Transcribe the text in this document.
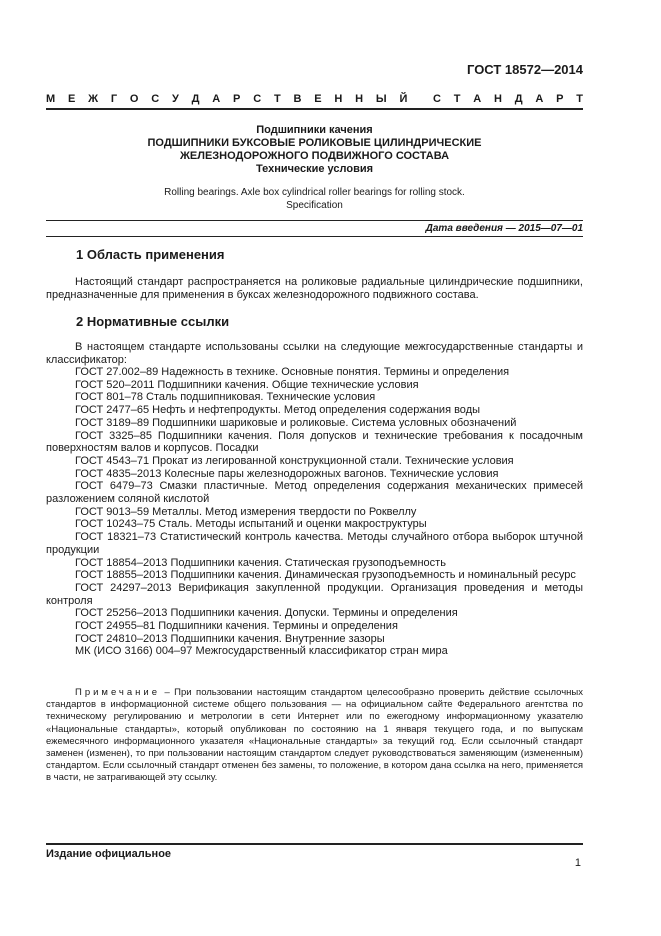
ГОСТ 18572—2014
М Е Ж Г О С У Д А Р С Т В Е Н Н Ы Й С Т А Н Д А Р Т
Подшипники качения
ПОДШИПНИКИ БУКСОВЫЕ РОЛИКОВЫЕ ЦИЛИНДРИЧЕСКИЕ
ЖЕЛЕЗНОДОРОЖНОГО ПОДВИЖНОГО СОСТАВА
Технические условия
Rolling bearings. Axle box cylindrical roller bearings for rolling stock.
Specification
Дата введения — 2015—07—01
1 Область применения
Настоящий стандарт распространяется на роликовые радиальные цилиндрические подшипники, предназначенные для применения в буксах железнодорожного подвижного состава.
2 Нормативные ссылки
В настоящем стандарте использованы ссылки на следующие межгосударственные стандарты и классификатор:
ГОСТ 27.002–89 Надежность в технике. Основные понятия. Термины и определения
ГОСТ 520–2011 Подшипники качения. Общие технические условия
ГОСТ 801–78 Сталь подшипниковая. Технические условия
ГОСТ 2477–65 Нефть и нефтепродукты. Метод определения содержания воды
ГОСТ 3189–89 Подшипники шариковые и роликовые. Система условных обозначений
ГОСТ 3325–85 Подшипники качения. Поля допусков и технические требования к посадочным поверхностям валов и корпусов. Посадки
ГОСТ 4543–71 Прокат из легированной конструкционной стали. Технические условия
ГОСТ 4835–2013 Колесные пары железнодорожных вагонов. Технические условия
ГОСТ 6479–73 Смазки пластичные. Метод определения содержания механических примесей разложением соляной кислотой
ГОСТ 9013–59 Металлы. Метод измерения твердости по Роквеллу
ГОСТ 10243–75 Сталь. Методы испытаний и оценки макроструктуры
ГОСТ 18321–73 Статистический контроль качества. Методы случайного отбора выборок штучной продукции
ГОСТ 18854–2013 Подшипники качения. Статическая грузоподъемность
ГОСТ 18855–2013 Подшипники качения. Динамическая грузоподъемность и номинальный ресурс
ГОСТ 24297–2013 Верификация закупленной продукции. Организация проведения и методы контроля
ГОСТ 25256–2013 Подшипники качения. Допуски. Термины и определения
ГОСТ 24955–81 Подшипники качения. Термины и определения
ГОСТ 24810–2013 Подшипники качения. Внутренние зазоры
МК (ИСО 3166) 004–97 Межгосударственный классификатор стран мира
Примечание – При пользовании настоящим стандартом целесообразно проверить действие ссылочных стандартов в информационной системе общего пользования — на официальном сайте Федерального агентства по техническому регулированию и метрологии в сети Интернет или по ежегодному информационному указателю «Национальные стандарты», который опубликован по состоянию на 1 января текущего года, и по выпускам ежемесячного информационного указателя «Национальные стандарты» за текущий год. Если ссылочный стандарт заменен (изменен), то при пользовании настоящим стандартом следует руководствоваться заменяющим (измененным) стандартом. Если ссылочный стандарт отменен без замены, то положение, в котором дана ссылка на него, применяется в части, не затрагивающей эту ссылку.
Издание официальное
1
